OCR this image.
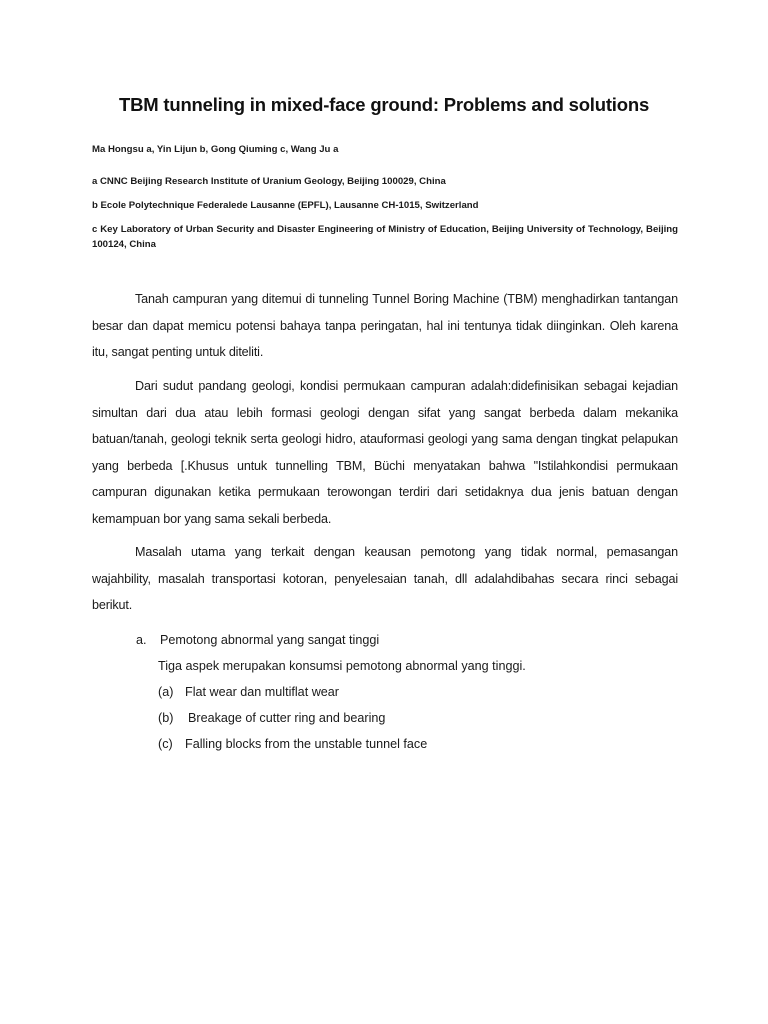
TBM tunneling in mixed-face ground: Problems and solutions
Ma Hongsu a, Yin Lijun b, Gong Qiuming c, Wang Ju a
a CNNC Beijing Research Institute of Uranium Geology, Beijing 100029, China
b Ecole Polytechnique Federalede Lausanne (EPFL), Lausanne CH-1015, Switzerland
c Key Laboratory of Urban Security and Disaster Engineering of Ministry of Education, Beijing University of Technology, Beijing 100124, China
Tanah campuran yang ditemui di tunneling Tunnel Boring Machine (TBM) menghadirkan tantangan besar dan dapat memicu potensi bahaya tanpa peringatan, hal ini tentunya tidak diinginkan. Oleh karena itu, sangat penting untuk diteliti.
Dari sudut pandang geologi, kondisi permukaan campuran adalah:didefinisikan sebagai kejadian simultan dari dua atau lebih formasi geologi dengan sifat yang sangat berbeda dalam mekanika batuan/tanah, geologi teknik serta geologi hidro, atauformasi geologi yang sama dengan tingkat pelapukan yang berbeda [.Khusus untuk tunnelling TBM, Büchi menyatakan bahwa "Istilahkondisi permukaan campuran digunakan ketika permukaan terowongan terdiri dari setidaknya dua jenis batuan dengan kemampuan bor yang sama sekali berbeda.
Masalah utama yang terkait dengan keausan pemotong yang tidak normal, pemasangan wajahbility, masalah transportasi kotoran, penyelesaian tanah, dll adalahdibahas secara rinci sebagai berikut.
a. Pemotong abnormal yang sangat tinggi
Tiga aspek merupakan konsumsi pemotong abnormal yang tinggi.
(a) Flat wear dan multiflat wear
(b) Breakage of cutter ring and bearing
(c) Falling blocks from the unstable tunnel face
